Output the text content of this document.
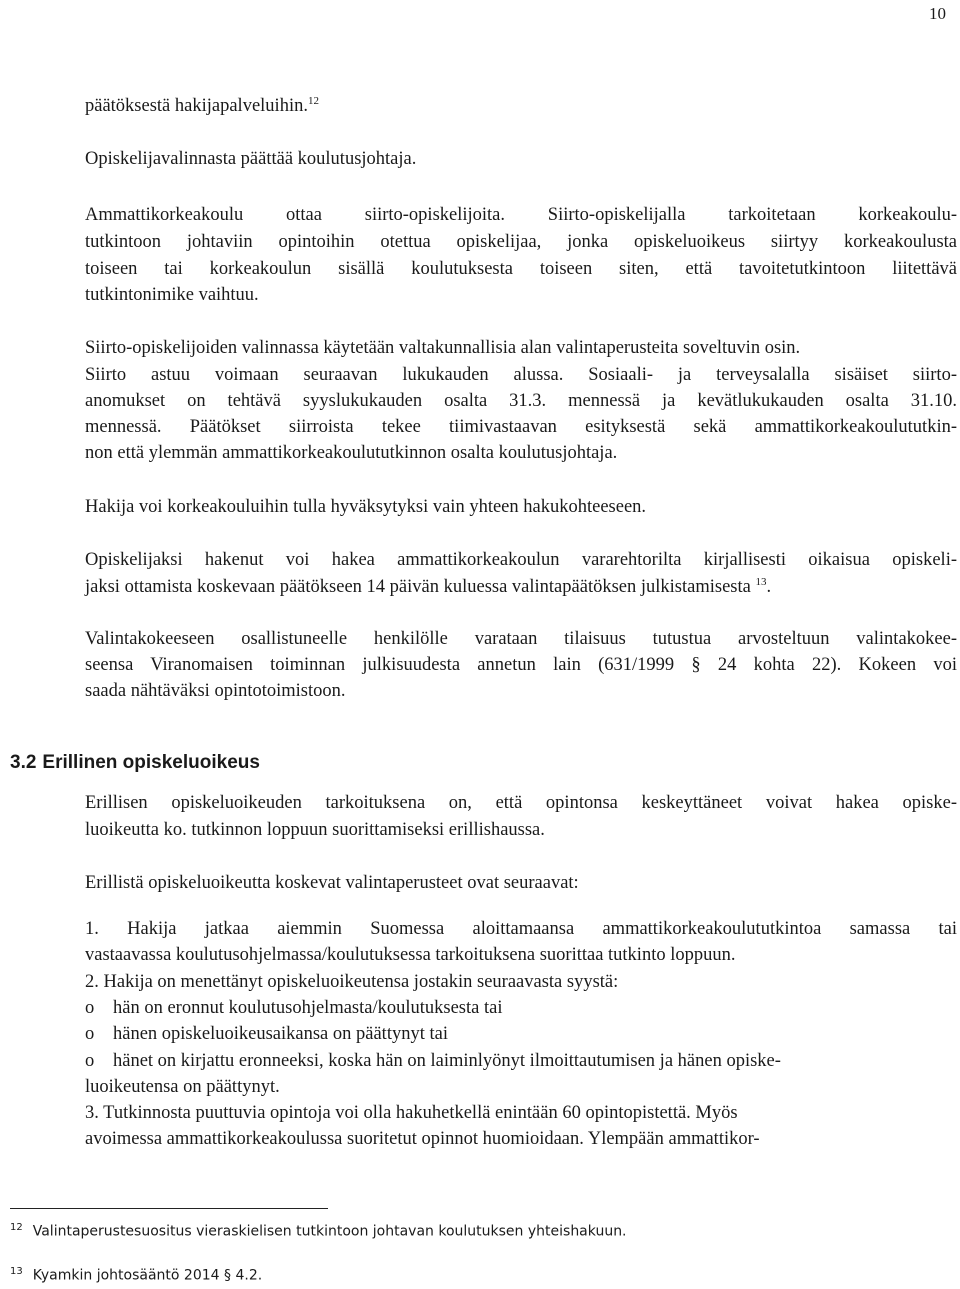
10
päätöksestä hakijapalveluihin.$^{12}$
Opiskelijavalinnasta päättää koulutusjohtaja.
Ammattikorkeakoulu ottaa siirto-opiskelijoita. Siirto-opiskelijalla tarkoitetaan korkeakoulu-
tutkintoon johtaviin opintoihin otettua opiskelijaa, jonka opiskeluoikeus siirtyy korkeakoulusta
toiseen tai korkeakoulun sisällä koulutuksesta toiseen siten, että tavoitetutkintoon liitettävä
tutkintonimike vaihtuu.
Siirto-opiskelijoiden valinnassa käytetään valtakunnallisia alan valintaperusteita soveltuvin osin.
Siirto astuu voimaan seuraavan lukukauden alussa. Sosiaali- ja terveysalalla sisäiset siirto-
anomukset on tehtävä syyslukukauden osalta 31.3. mennessä ja kevätlukukauden osalta 31.10.
mennessä. Päätökset siirroista tekee tiimivastaavan esityksestä sekä ammattikorkeakoulututkin-
non että ylemmän ammattikorkeakoulututkinnon osalta koulutusjohtaja.
Hakija voi korkeakouluihin tulla hyväksytyksi vain yhteen hakukohteeseen.
Opiskelijaksi hakenut voi hakea ammattikorkeakoulun vararehtorilta kirjallisesti oikaisua opiskeli-
jaksi ottamista koskevaan päätökseen 14 päivän kuluessa valintapäätöksen julkistamisesta $^{13}$.
Valintakokeeseen osallistuneelle henkilölle varataan tilaisuus tutustua arvosteltuun valintakokee-
seensa Viranomaisen toiminnan julkisuudesta annetun lain (631/1999 § 24 kohta 22). Kokeen voi
saada nähtäväksi opintotoimistoon.
3.2 Erillinen opiskeluoikeus
Erillisen opiskeluoikeuden tarkoituksena on, että opintonsa keskeyttäneet voivat hakea opiske-
luoikeutta ko. tutkinnon loppuun suorittamiseksi erillishaussa.
Erillistä opiskeluoikeutta koskevat valintaperusteet ovat seuraavat:
1. Hakija jatkaa aiemmin Suomessa aloittamaansa ammattikorkeakoulututkintoa samassa tai
vastaavassa koulutusohjelmassa/koulutuksessa tarkoituksena suorittaa tutkinto loppuun.
2. Hakija on menettänyt opiskeluoikeutensa jostakin seuraavasta syystä:
o hän on eronnut koulutusohjelmasta/koulutuksesta tai
o hänen opiskeluoikeusaikansa on päättynyt tai
o hänet on kirjattu eronneeksi, koska hän on laiminlyönyt ilmoittautumisen ja hänen opiske-
luoikeutensa on päättynyt.
3. Tutkinnosta puuttuvia opintoja voi olla hakuhetkellä enintään 60 opintopistettä. Myös
avoimessa ammattikorkeakoulussa suoritetut opinnot huomioidaan. Ylempään ammattikor-
$^{12}$ Valintaperustesuositus vieraskielisen tutkintoon johtavan koulutuksen yhteishakuun.
$^{13}$ Kyamkin johtosääntö 2014 § 4.2.
